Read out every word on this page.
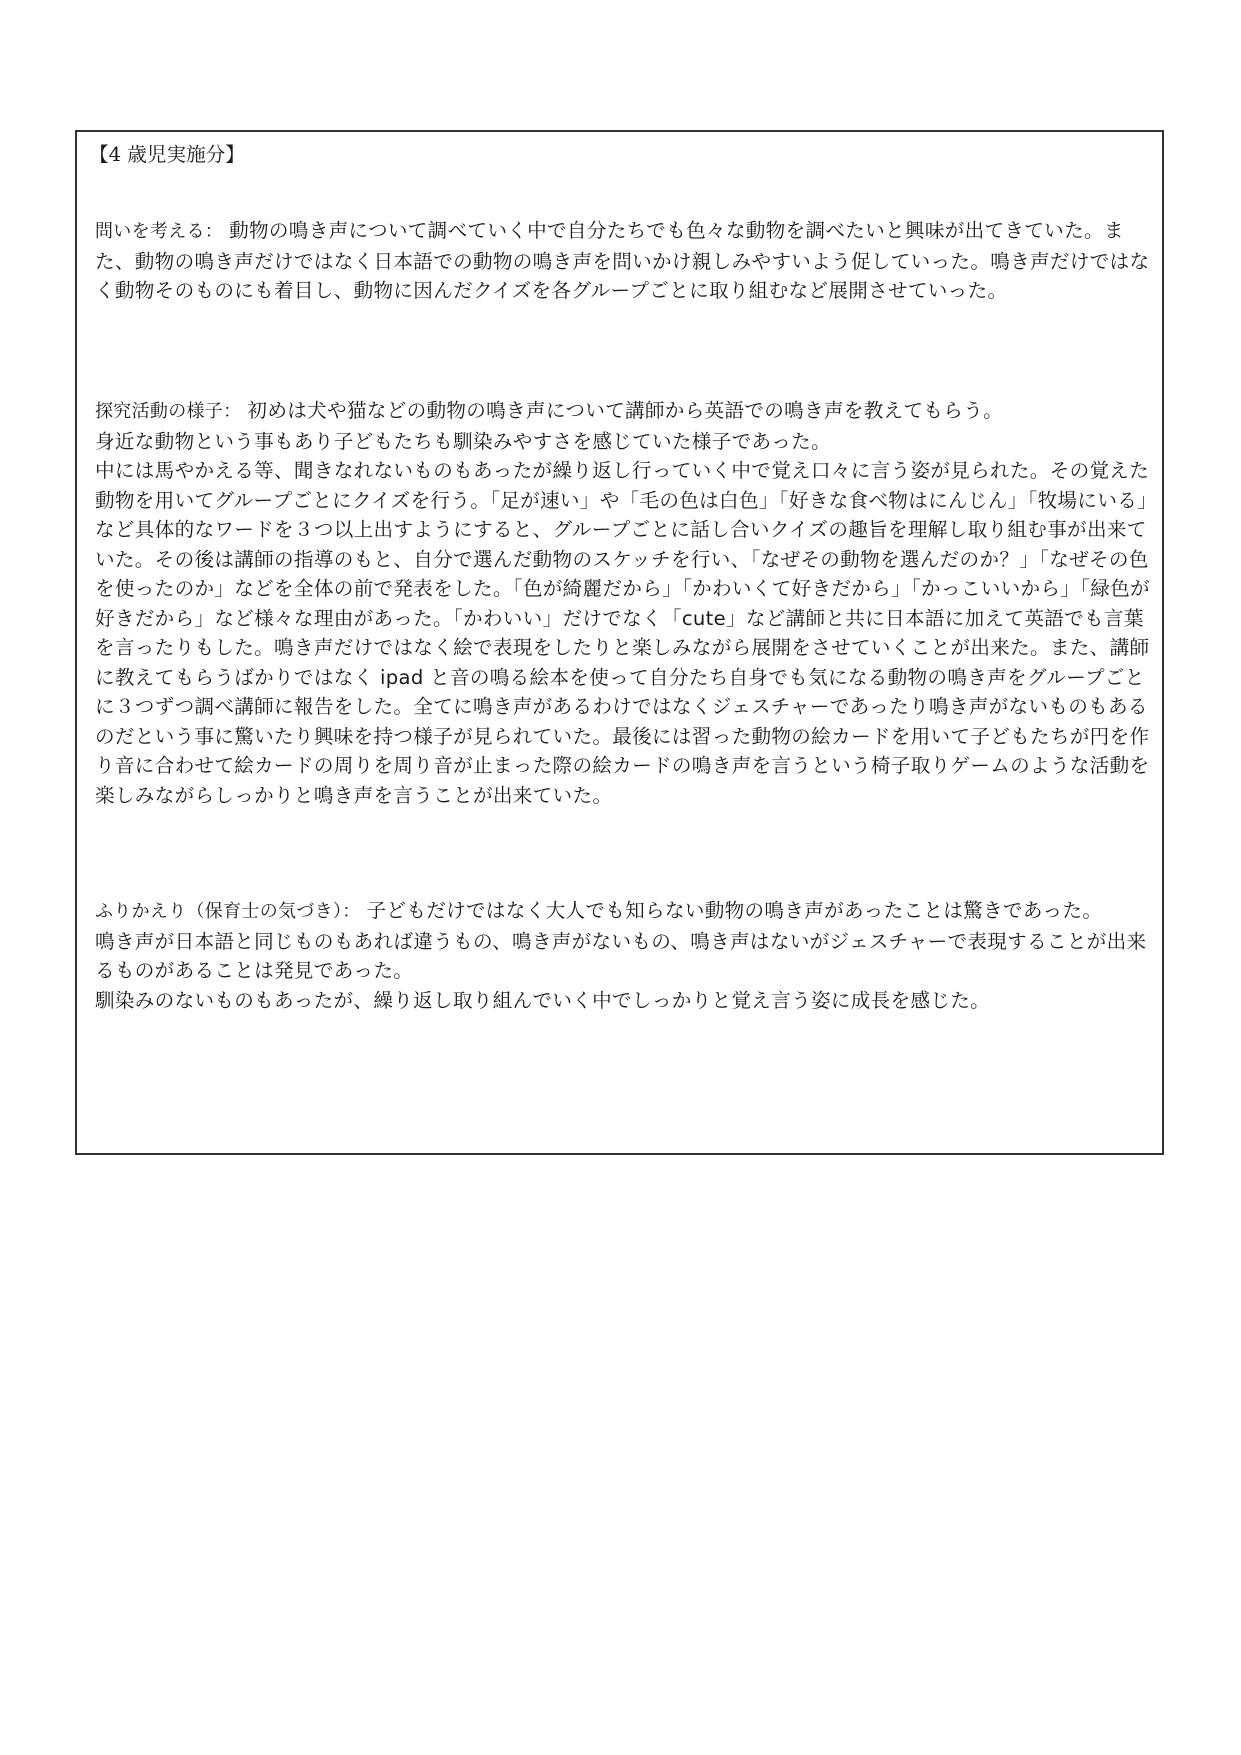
【4 歳児実施分】
問いを考える： 動物の鳴き声について調べていく中で自分たちでも色々な動物を調べたいと興味が出てきていた。また、動物の鳴き声だけではなく日本語での動物の鳴き声を問いかけ親しみやすいよう促していった。鳴き声だけではなく動物そのものにも着目し、動物に因んだクイズを各グループごとに取り組むなど展開させていった。
探究活動の様子： 初めは犬や猫などの動物の鳴き声について講師から英語での鳴き声を教えてもらう。
身近な動物という事もあり子どもたちも馴染みやすさを感じていた様子であった。
中には馬やかえる等、聞きなれないものもあったが繰り返し行っていく中で覚え口々に言う姿が見られた。その覚えた動物を用いてグループごとにクイズを行う。「足が速い」や「毛の色は白色」「好きな食べ物はにんじん」「牧場にいる」など具体的なワードを３つ以上出すようにすると、グループごとに話し合いクイズの趣旨を理解し取り組む事が出来ていた。その後は講師の指導のもと、自分で選んだ動物のスケッチを行い、「なぜその動物を選んだのか？」「なぜその色を使ったのか」などを全体の前で発表をした。「色が綺麗だから」「かわいくて好きだから」「かっこいいから」「緑色が好きだから」など様々な理由があった。「かわいい」だけでなく「cute」など講師と共に日本語に加えて英語でも言葉を言ったりもした。鳴き声だけではなく絵で表現をしたりと楽しみながら展開をさせていくことが出来た。また、講師に教えてもらうばかりではなく ipad と音の鳴る絵本を使って自分たち自身でも気になる動物の鳴き声をグループごとに３つずつ調べ講師に報告をした。全てに鳴き声があるわけではなくジェスチャーであったり鳴き声がないものもあるのだという事に驚いたり興味を持つ様子が見られていた。最後には習った動物の絵カードを用いて子どもたちが円を作り音に合わせて絵カードの周りを周り音が止まった際の絵カードの鳴き声を言うという椅子取りゲームのような活動を楽しみながらしっかりと鳴き声を言うことが出来ていた。
ふりかえり（保育士の気づき）： 子どもだけではなく大人でも知らない動物の鳴き声があったことは驚きであった。
鳴き声が日本語と同じものもあれば違うもの、鳴き声がないもの、鳴き声はないがジェスチャーで表現することが出来るものがあることは発見であった。
馴染みのないものもあったが、繰り返し取り組んでいく中でしっかりと覚え言う姿に成長を感じた。
